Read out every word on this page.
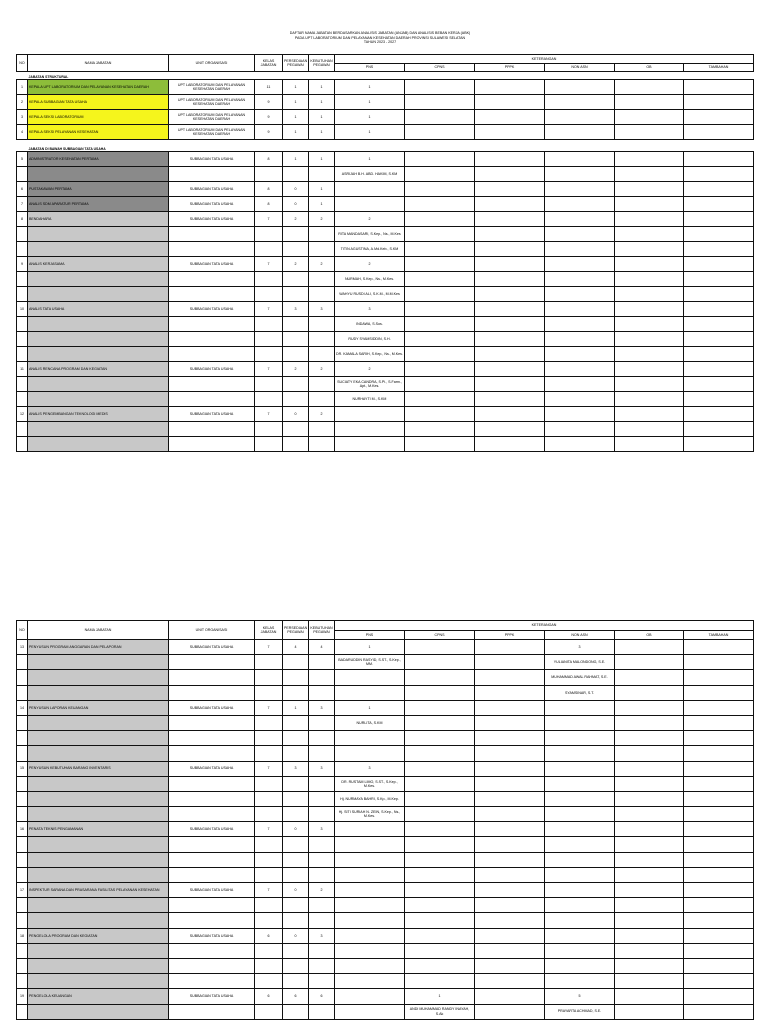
DAFTAR NAMA JABATAN BERDASARKAN ANALISIS JABATAN (ANJAB) DAN ANALISIS BEBAN KERJA (ABK)
PADA UPT LABORATORIUM DAN PELAYANAN KESEHATAN DAERAH PROVINSI SULAWESI SELATAN
TAHUN 2023 - 2027
NO	NAMA JABATAN	UNIT ORGANISASI	KELAS JABATAN	PERSEDIAAN PEGAWAI	KEBUTUHAN PEGAWAI	KETERANGAN					
						PNS	CPNS	PPPK	NON ASN	OB	TAMBAHAN
	JABATAN STRUKTURAL										
1	KEPALA UPT LABORATORIUM DAN PELAYANAN KESEHATAN DAERAH	UPT LABORATORIUM DAN PELAYANAN KESEHATAN DAERAH	11	1	1	1					
2	KEPALA SUBBAGIAN TATA USAHA	UPT LABORATORIUM DAN PELAYANAN KESEHATAN DAERAH	9	1	1	1					
3	KEPALA SEKSI LABORATORIUM	UPT LABORATORIUM DAN PELAYANAN KESEHATAN DAERAH	9	1	1	1					
4	KEPALA SEKSI PELAYANAN KESEHATAN	UPT LABORATORIUM DAN PELAYANAN KESEHATAN DAERAH	9	1	1	1					
	JABATAN DI BAWAH SUBBAGIAN TATA USAHA										
5	ADMINISTRATOR KESEHATAN PERTAMA	SUBBAGIAN TATA USAHA	8	1	1	1					
						ASRIJAH B.H. ABD. HAKIM, S.KM					
6	PUSTAKAWAN PERTAMA	SUBBAGIAN TATA USAHA	8	0	1						
7	ANALIS SDM APARATUR PERTAMA	SUBBAGIAN TATA USAHA	8	0	1						
8	BENDAHARA	SUBBAGIAN TATA USAHA	7	2	2	2					
						RITA MANDASARI, S.Kep., Ns., M.Kes					
						TITIN AGUSTINA, A.Md.Keb., S.KM					
9	ANALIS KERJASAMA	SUBBAGIAN TATA USAHA	7	2	2	2					
						NURMAH, S.Kep., Ns., M.Kes.					
						WAHYU RUSDI ALI, S.K.M., M.M.Kes					
10	ANALIS TATA USAHA	SUBBAGIAN TATA USAHA	7	3	3	3					
						INDAWA, S.Sos.					
						RUDY SYAMSIDDIN, S.H.					
						DR. KAMALA SARIH, S.Kep., Ns., M.Kes.					
11	ANALIS RENCANA PROGRAM DAN KEGIATAN	SUBBAGIAN TATA USAHA	7	2	2	2					
						SUCIATY EKA CANDRA, S.Pi., S.Farm., Apt., M.Kes.					
						NURHAYTI M., S.KM					
12	ANALIS PENGEMBANGAN TEKNOLOGI MEDIS	SUBBAGIAN TATA USAHA	7	0	2						

NO	NAMA JABATAN	UNIT ORGANISASI	KELAS JABATAN	PERSEDIAAN PEGAWAI	KEBUTUHAN PEGAWAI	KETERANGAN					
						PNS	CPNS	PPPK	NON ASN	OB	TAMBAHAN
13	PENYUSUN PROGRAM ANGGARAN DAN PELAPORAN	SUBBAGIAN TATA USAHA	7	4	4	1			3		
						BADARUDDIN RASYID, S.ST., S.Kep., MM.			YULIANITA MALONDONG, S.E.		
									MUHAMMAD AWAL RAHMAT, S.E.		
									SYAMSINAR, S.T.		
14	PENYUSUN LAPORAN KEUANGAN	SUBBAGIAN TATA USAHA	7	1	3	1					
						NURLITA, S.KM					

15	PENYUSUN KEBUTUHAN BARANG INVENTARIS	SUBBAGIAN TATA USAHA	7	3	3	3					
						DR. RUSTAM LIMO, S.ST., S.Kep., M.Kes.					
						Hj. NURMAYA BAHRI, S.Kp., M.Kep.					
						Hj. SITI SURIAH N. ZEIN, S.Kep., Ns., M.Kes.					
16	PENATA TEKNIS PENGAMANAN	SUBBAGIAN TATA USAHA	7	0	3						

17	INSPEKTUR SARANA DAN PRASARANA FASILITAS PELAYANAN KESEHATAN	SUBBAGIAN TATA USAHA	7	0	2						

18	PENGELOLA PROGRAM DAN KEGIATAN	SUBBAGIAN TATA USAHA	6	0	3						

19	PENGELOLA KEUANGAN	SUBBAGIAN TATA USAHA	6	6	6		1		5		
							ANDI MUHAMMAD RANDY INAYAH, S.Ak		PRAYARTA ACHMAD, S.E.		
